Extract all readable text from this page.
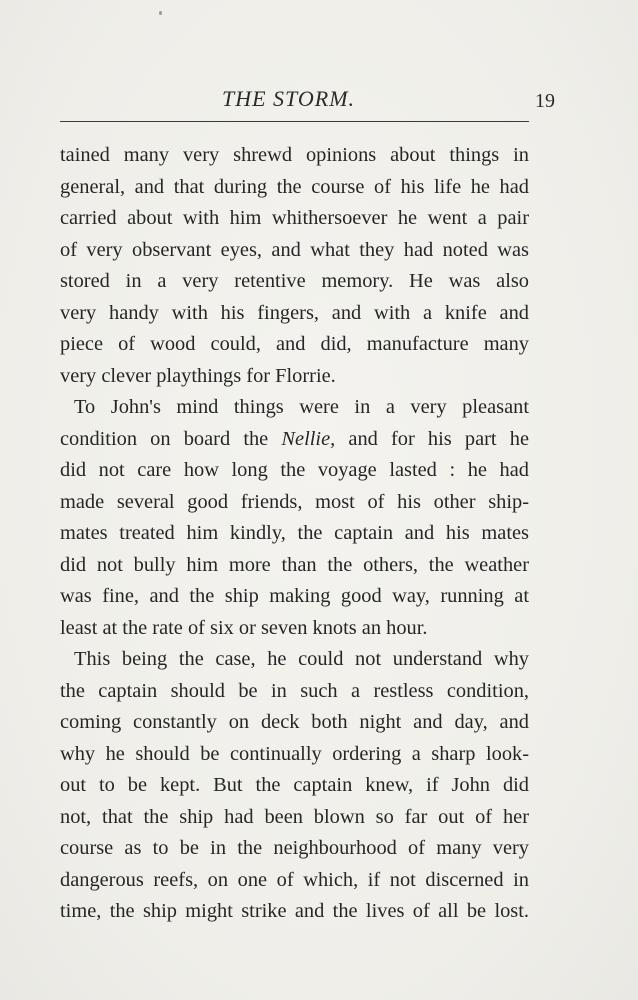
THE STORM.	19
tained many very shrewd opinions about things in
general, and that during the course of his life he had
carried about with him whithersoever he went a pair
of very observant eyes, and what they had noted was
stored in a very retentive memory. He was also
very handy with his fingers, and with a knife and
piece of wood could, and did, manufacture many
very clever playthings for Florrie.
To John's mind things were in a very pleasant
condition on board the Nellie, and for his part he
did not care how long the voyage lasted : he had
made several good friends, most of his other ship-
mates treated him kindly, the captain and his mates
did not bully him more than the others, the weather
was fine, and the ship making good way, running at
least at the rate of six or seven knots an hour.
This being the case, he could not understand why
the captain should be in such a restless condition,
coming constantly on deck both night and day, and
why he should be continually ordering a sharp look-
out to be kept. But the captain knew, if John did
not, that the ship had been blown so far out of her
course as to be in the neighbourhood of many very
dangerous reefs, on one of which, if not discerned in
time, the ship might strike and the lives of all be lost.
